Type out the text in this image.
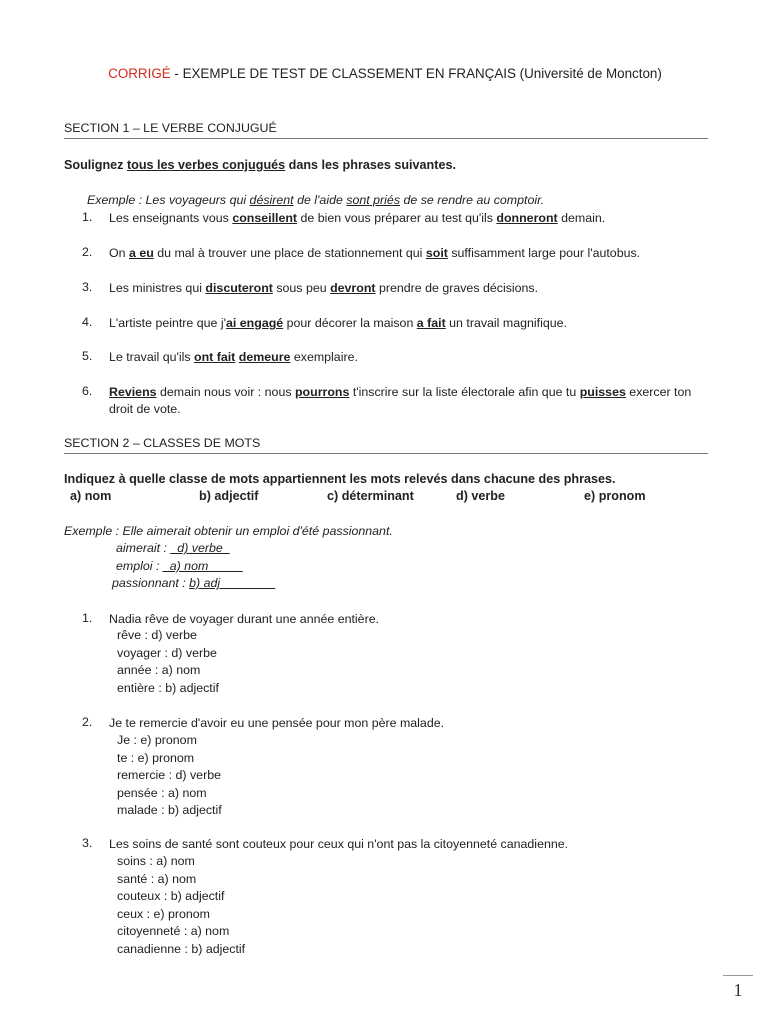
CORRIGÉ - EXEMPLE DE TEST DE CLASSEMENT EN FRANÇAIS (Université de Moncton)
SECTION 1 – LE VERBE CONJUGUÉ
Soulignez tous les verbes conjugués dans les phrases suivantes.
Exemple : Les voyageurs qui désirent de l'aide sont priés de se rendre au comptoir.
1. Les enseignants vous conseillent de bien vous préparer au test qu'ils donneront demain.
2. On a eu du mal à trouver une place de stationnement qui soit suffisamment large pour l'autobus.
3. Les ministres qui discuteront sous peu devront prendre de graves décisions.
4. L'artiste peintre que j'ai engagé pour décorer la maison a fait un travail magnifique.
5. Le travail qu'ils ont fait demeure exemplaire.
6. Reviens demain nous voir : nous pourrons t'inscrire sur la liste électorale afin que tu puisses exercer ton droit de vote.
SECTION 2 – CLASSES DE MOTS
Indiquez à quelle classe de mots appartiennent les mots relevés dans chacune des phrases.
a) nom	b) adjectif	c) déterminant	d) verbe	e) pronom
Exemple : Elle aimerait obtenir un emploi d'été passionnant.
aimerait : _d) verbe_
emploi : _a) nom_____
passionnant : b) adj________
1. Nadia rêve de voyager durant une année entière.
rêve : d) verbe
voyager : d) verbe
année : a) nom
entière : b) adjectif
2. Je te remercie d'avoir eu une pensée pour mon père malade.
Je : e) pronom
te : e) pronom
remercie : d) verbe
pensée : a) nom
malade : b) adjectif
3. Les soins de santé sont couteux pour ceux qui n'ont pas la citoyenneté canadienne.
soins : a) nom
santé : a) nom
couteux : b) adjectif
ceux : e) pronom
citoyenneté : a) nom
canadienne : b) adjectif
1
